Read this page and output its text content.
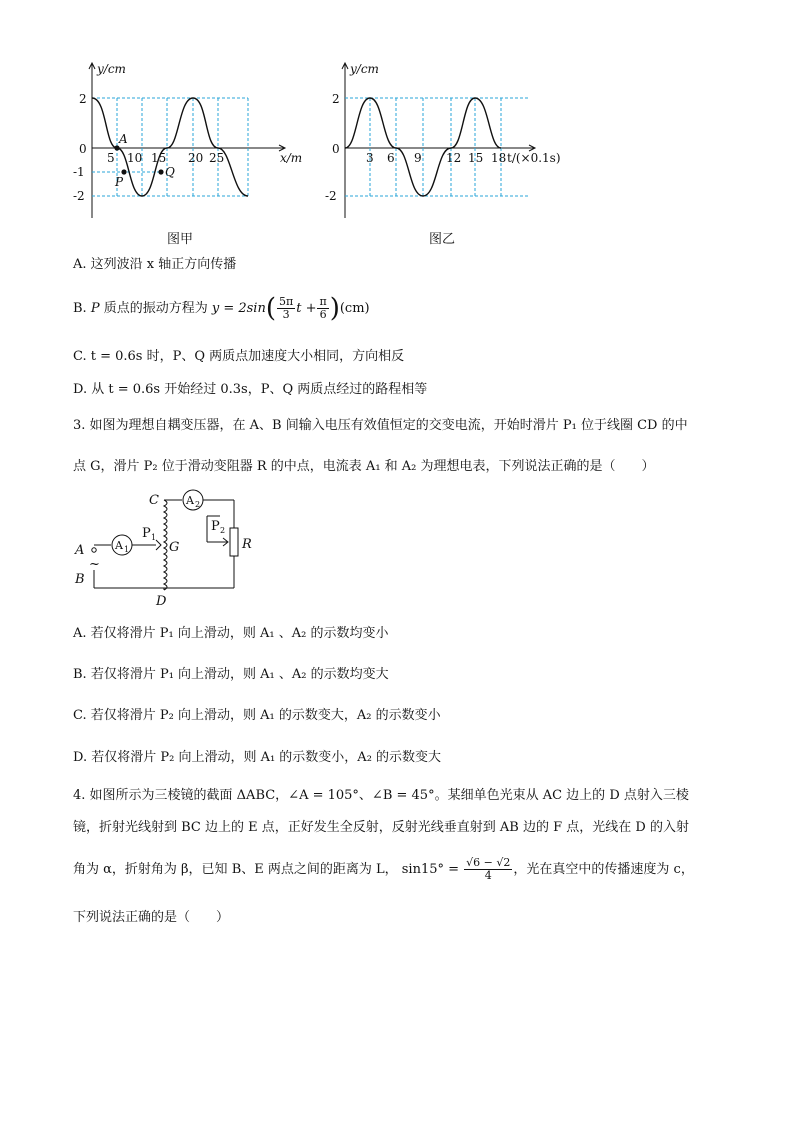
y/cm
x/m
2
0
-1
-2
5 10 15 20 25
A
P
Q
图甲
y/cm
t/(×0.1s)
2
0
-2
3 6 9 12 15 18
图乙
A. 这列波沿 x 轴正方向传播
B. P 质点的振动方程为 $y = 2\sin( \frac{5\pi}{3}$ $t + \frac{\pi}{6} )(cm)$
C. t = 0.6s 时，P、Q 两质点加速度大小相同，方向相反
D. 从 t = 0.6s 开始经过 0.3s，P、Q 两质点经过的路程相等
3. 如图为理想自耦变压器，在 A、B 间输入电压有效值恒定的交变电流，开始时滑片 P₁ 位于线圈 CD 的中
点 G，滑片 P₂ 位于滑动变阻器 R 的中点，电流表 A₁ 和 A₂ 为理想电表，下列说法正确的是（　　）
C
A
P
G
P
R
A
A
~
B
D
2
1
2
1
A. 若仅将滑片 P₁ 向上滑动，则 A₁ 、A₂ 的示数均变小
B. 若仅将滑片 P₁ 向上滑动，则 A₁ 、A₂ 的示数均变大
C. 若仅将滑片 P₂ 向上滑动，则 A₁ 的示数变大，A₂ 的示数变小
D. 若仅将滑片 P₂ 向上滑动，则 A₁ 的示数变小，A₂ 的示数变大
4. 如图所示为三棱镜的截面 ΔABC，∠A = 105°、∠B = 45°。某细单色光束从 AC 边上的 D 点射入三棱
镜，折射光线射到 BC 边上的 E 点，正好发生全反射，反射光线垂直射到 AB 边的 F 点，光线在 D 的入射
角为 α，折射角为 β，已知 B、E 两点之间的距离为 L， $\sin 15^\circ = \frac{√6 - √2}{4}$ ，光在真空中的传播速度为 c，
下列说法正确的是（　　）
